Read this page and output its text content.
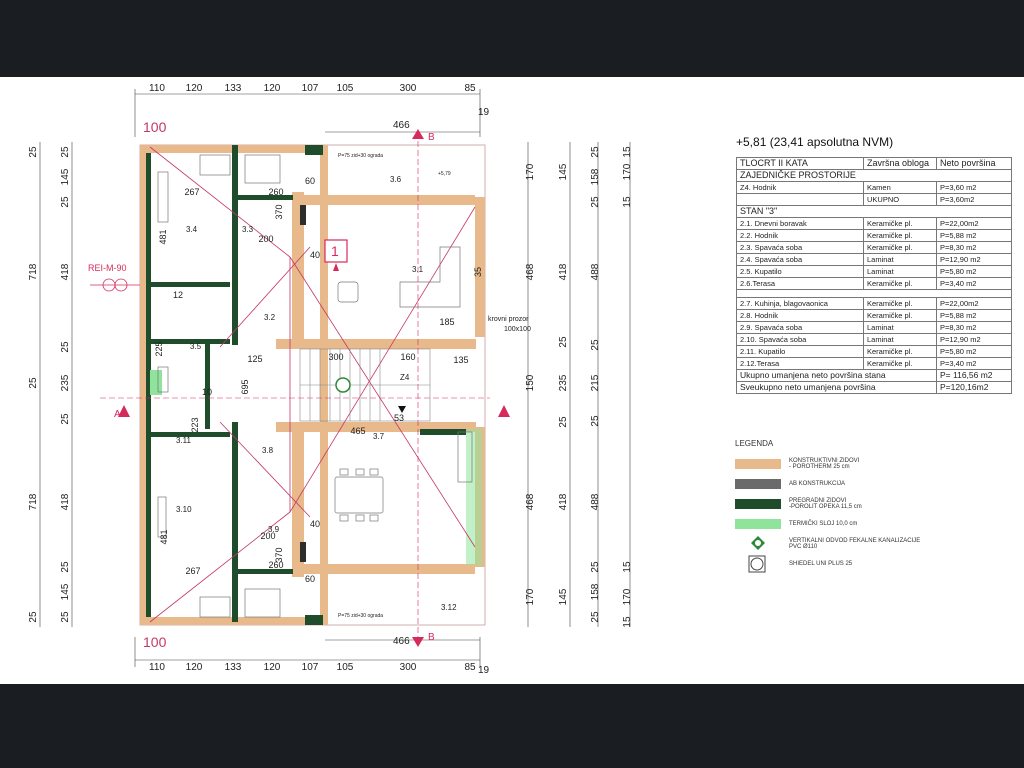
110 120 133 120 107 105	300	85
110 120 133 120 107 105	300	85
19
19
466
466
100
100
25
718
25
718
25
25
145
25
418
25
235
25
418
25
145
25
170
468
150
468
170
145
418
25
235
25
418
145
25
158
25
488
25
215
25
488
25
158
25
15
170
15
15
170
15
53
3.1
3.2
3.3
3.4
3.5
3.6
3.7
3.8
3.9
3.10
3.11
3.12
Z4
267
481
260
370
200
300	160	135
185
465
125
695
223
481
267
200
370
260
40
40
60
60
35
12
225
10
P=75 zid+30 ograda
P=75 zid+30 ograda
krovni prozor
100x100
+5,79
1
A	A
B
B
REI-M-90
+5,81 (23,41 apsolutna NVM)
TLOCRT II KATA	Završna obloga	Neto površina
ZAJEDNIČKE PROSTORIJE		
Z4. Hodnik	Kamen	P=3,60 m2
	UKUPNO	P=3,60m2
STAN "3"		
2.1. Dnevni boravak	Keramičke pl.	P=22,00m2
2.2. Hodnik	Keramičke pl.	P=5,88 m2
2.3. Spavaća soba	Keramičke pl.	P=8,30 m2
2.4. Spavaća soba	Laminat	P=12,90 m2
2.5. Kupatilo	Laminat	P=5,80 m2
2.6.Terasa	Keramičke pl.	P=3,40 m2

2.7. Kuhinja, blagovaonica	Keramičke pl.	P=22,00m2
2.8. Hodnik	Keramičke pl.	P=5,88 m2
2.9. Spavaća soba	Laminat	P=8,30 m2
2.10. Spavaća soba	Laminat	P=12,90 m2
2.11. Kupatilo	Keramičke pl.	P=5,80 m2
2.12.Terasa	Keramičke pl.	P=3,40 m2
Ukupno umanjena neto površina stana		P= 116,56 m2
Sveukupno neto umanjena površina		P=120,16m2
LEGENDA
KONSTRUKTIVNI ZIDOVI
- POROTHERM 25 cm
AB KONSTRUKCIJA
PREGRADNI ZIDOVI
-POROLIT OPEKA 11,5 cm
TERMIČKI SLOJ 10,0 cm
VERTIKALNI ODVOD FEKALNE KANALIZACIJE
PVC Ø110
SHIEDEL UNI PLUS 25
